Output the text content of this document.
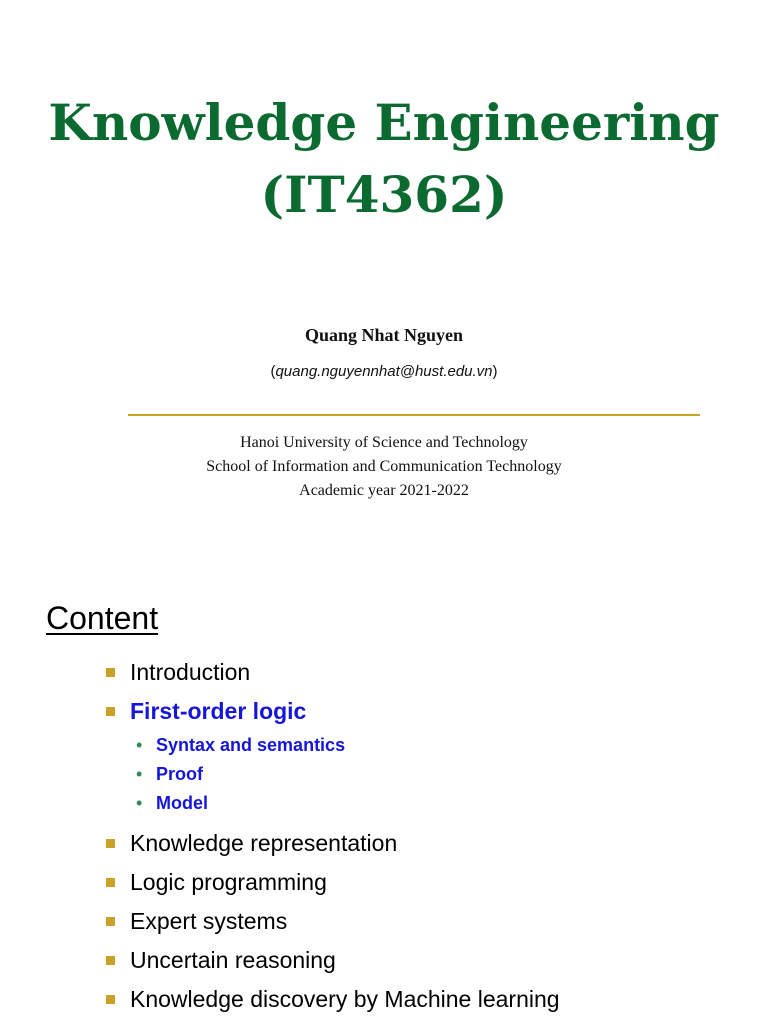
Knowledge Engineering
(IT4362)
Quang Nhat Nguyen
(quang.nguyennhat@hust.edu.vn)
Hanoi University of Science and Technology
School of Information and Communication Technology
Academic year 2021-2022
Content
Introduction
First-order logic
• Syntax and semantics
• Proof
• Model
Knowledge representation
Logic programming
Expert systems
Uncertain reasoning
Knowledge discovery by Machine learning
